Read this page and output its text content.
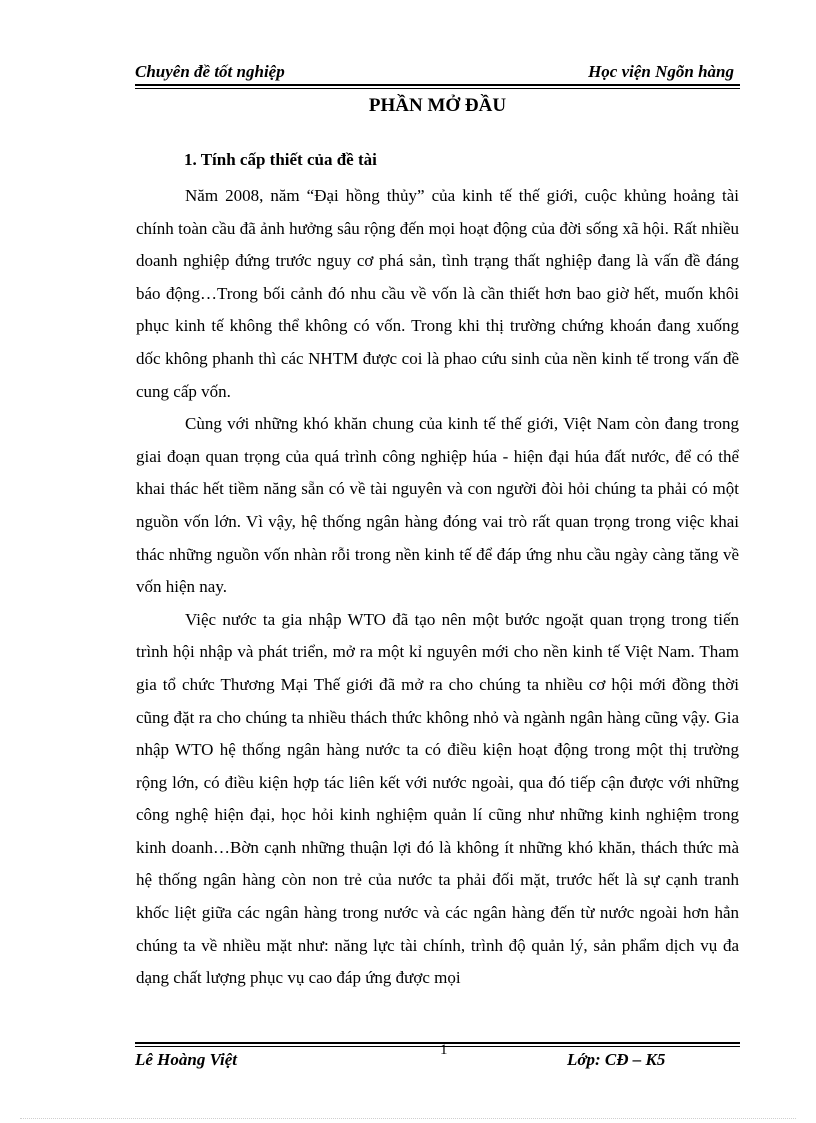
Chuyên đề tốt nghiệp	Học viện Ngõn hàng
PHẦN MỞ ĐẦU
1. Tính cấp thiết của đề tài

Năm 2008, năm “Đại hồng thủy” của kinh tế thế giới, cuộc khủng hoảng tài chính toàn cầu đã ảnh hưởng sâu rộng đến mọi hoạt động của đời sống xã hội. Rất nhiều doanh nghiệp đứng trước nguy cơ phá sản, tình trạng thất nghiệp đang là vấn đề đáng báo động…Trong bối cảnh đó nhu cầu về vốn là cần thiết hơn bao giờ hết, muốn khôi phục kinh tế không thể không có vốn. Trong khi thị trường chứng khoán đang xuống dốc không phanh thì các NHTM được coi là phao cứu sinh của nền kinh tế trong vấn đề cung cấp vốn.

Cùng với những khó khăn chung của kinh tế thế giới, Việt Nam còn đang trong giai đoạn quan trọng của quá trình công nghiệp húa - hiện đại húa đất nước, để có thể khai thác hết tiềm năng sẵn có về tài nguyên và con người đòi hỏi chúng ta phải có một nguồn vốn lớn. Vì vậy, hệ thống ngân hàng đóng vai trò rất quan trọng trong việc khai thác những nguồn vốn nhàn rỗi trong nền kinh tế để đáp ứng nhu cầu ngày càng tăng về vốn hiện nay.

Việc nước ta gia nhập WTO đã tạo nên một bước ngoặt quan trọng trong tiến trình hội nhập và phát triển, mở ra một kỉ nguyên mới cho nền kinh tế Việt Nam. Tham gia tổ chức Thương Mại Thế giới đã mở ra cho chúng ta nhiều cơ hội mới đồng thời cũng đặt ra cho chúng ta nhiều thách thức không nhỏ và ngành ngân hàng cũng vậy. Gia nhập WTO hệ thống ngân hàng nước ta có điều kiện hoạt động trong một thị trường rộng lớn, có điều kiện hợp tác liên kết với nước ngoài, qua đó tiếp cận được với những công nghệ hiện đại, học hỏi kinh nghiệm quản lí cũng như những kinh nghiệm trong kinh doanh…Bờn cạnh những thuận lợi đó là không ít những khó khăn, thách thức mà hệ thống ngân hàng còn non trẻ của nước ta phải đối mặt, trước hết là sự cạnh tranh khốc liệt giữa các ngân hàng trong nước và các ngân hàng đến từ nước ngoài hơn hẳn chúng ta về nhiều mặt như: năng lực tài chính, trình độ quản lý, sản phẩm dịch vụ đa dạng chất lượng phục vụ cao đáp ứng được mọi

Lê Hoàng Việt	1	Lớp: CĐ – K5
